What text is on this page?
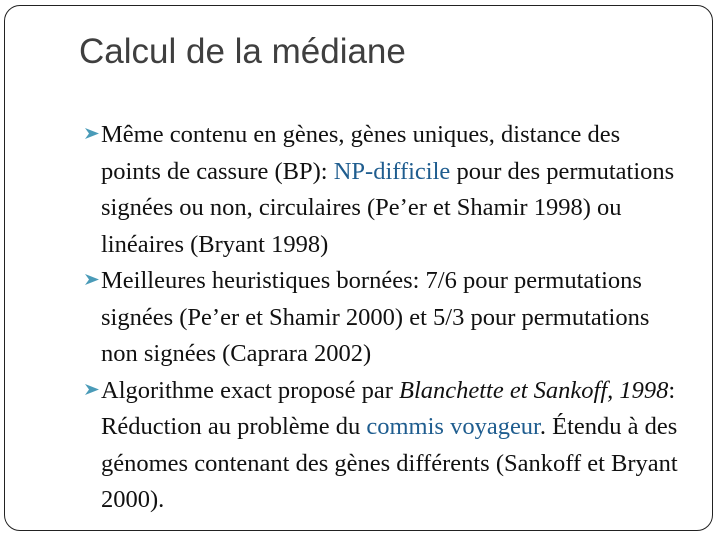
Calcul de la médiane
Même contenu en gènes, gènes uniques, distance des points de cassure (BP): NP-difficile pour des permutations signées ou non, circulaires (Pe’er et Shamir 1998) ou linéaires (Bryant 1998)
Meilleures heuristiques bornées: 7/6 pour permutations signées (Pe’er et Shamir 2000) et 5/3 pour permutations non signées (Caprara 2002)
Algorithme exact proposé par Blanchette et Sankoff, 1998: Réduction au problème du commis voyageur. Étendu à des génomes contenant des gènes différents (Sankoff et Bryant 2000).
